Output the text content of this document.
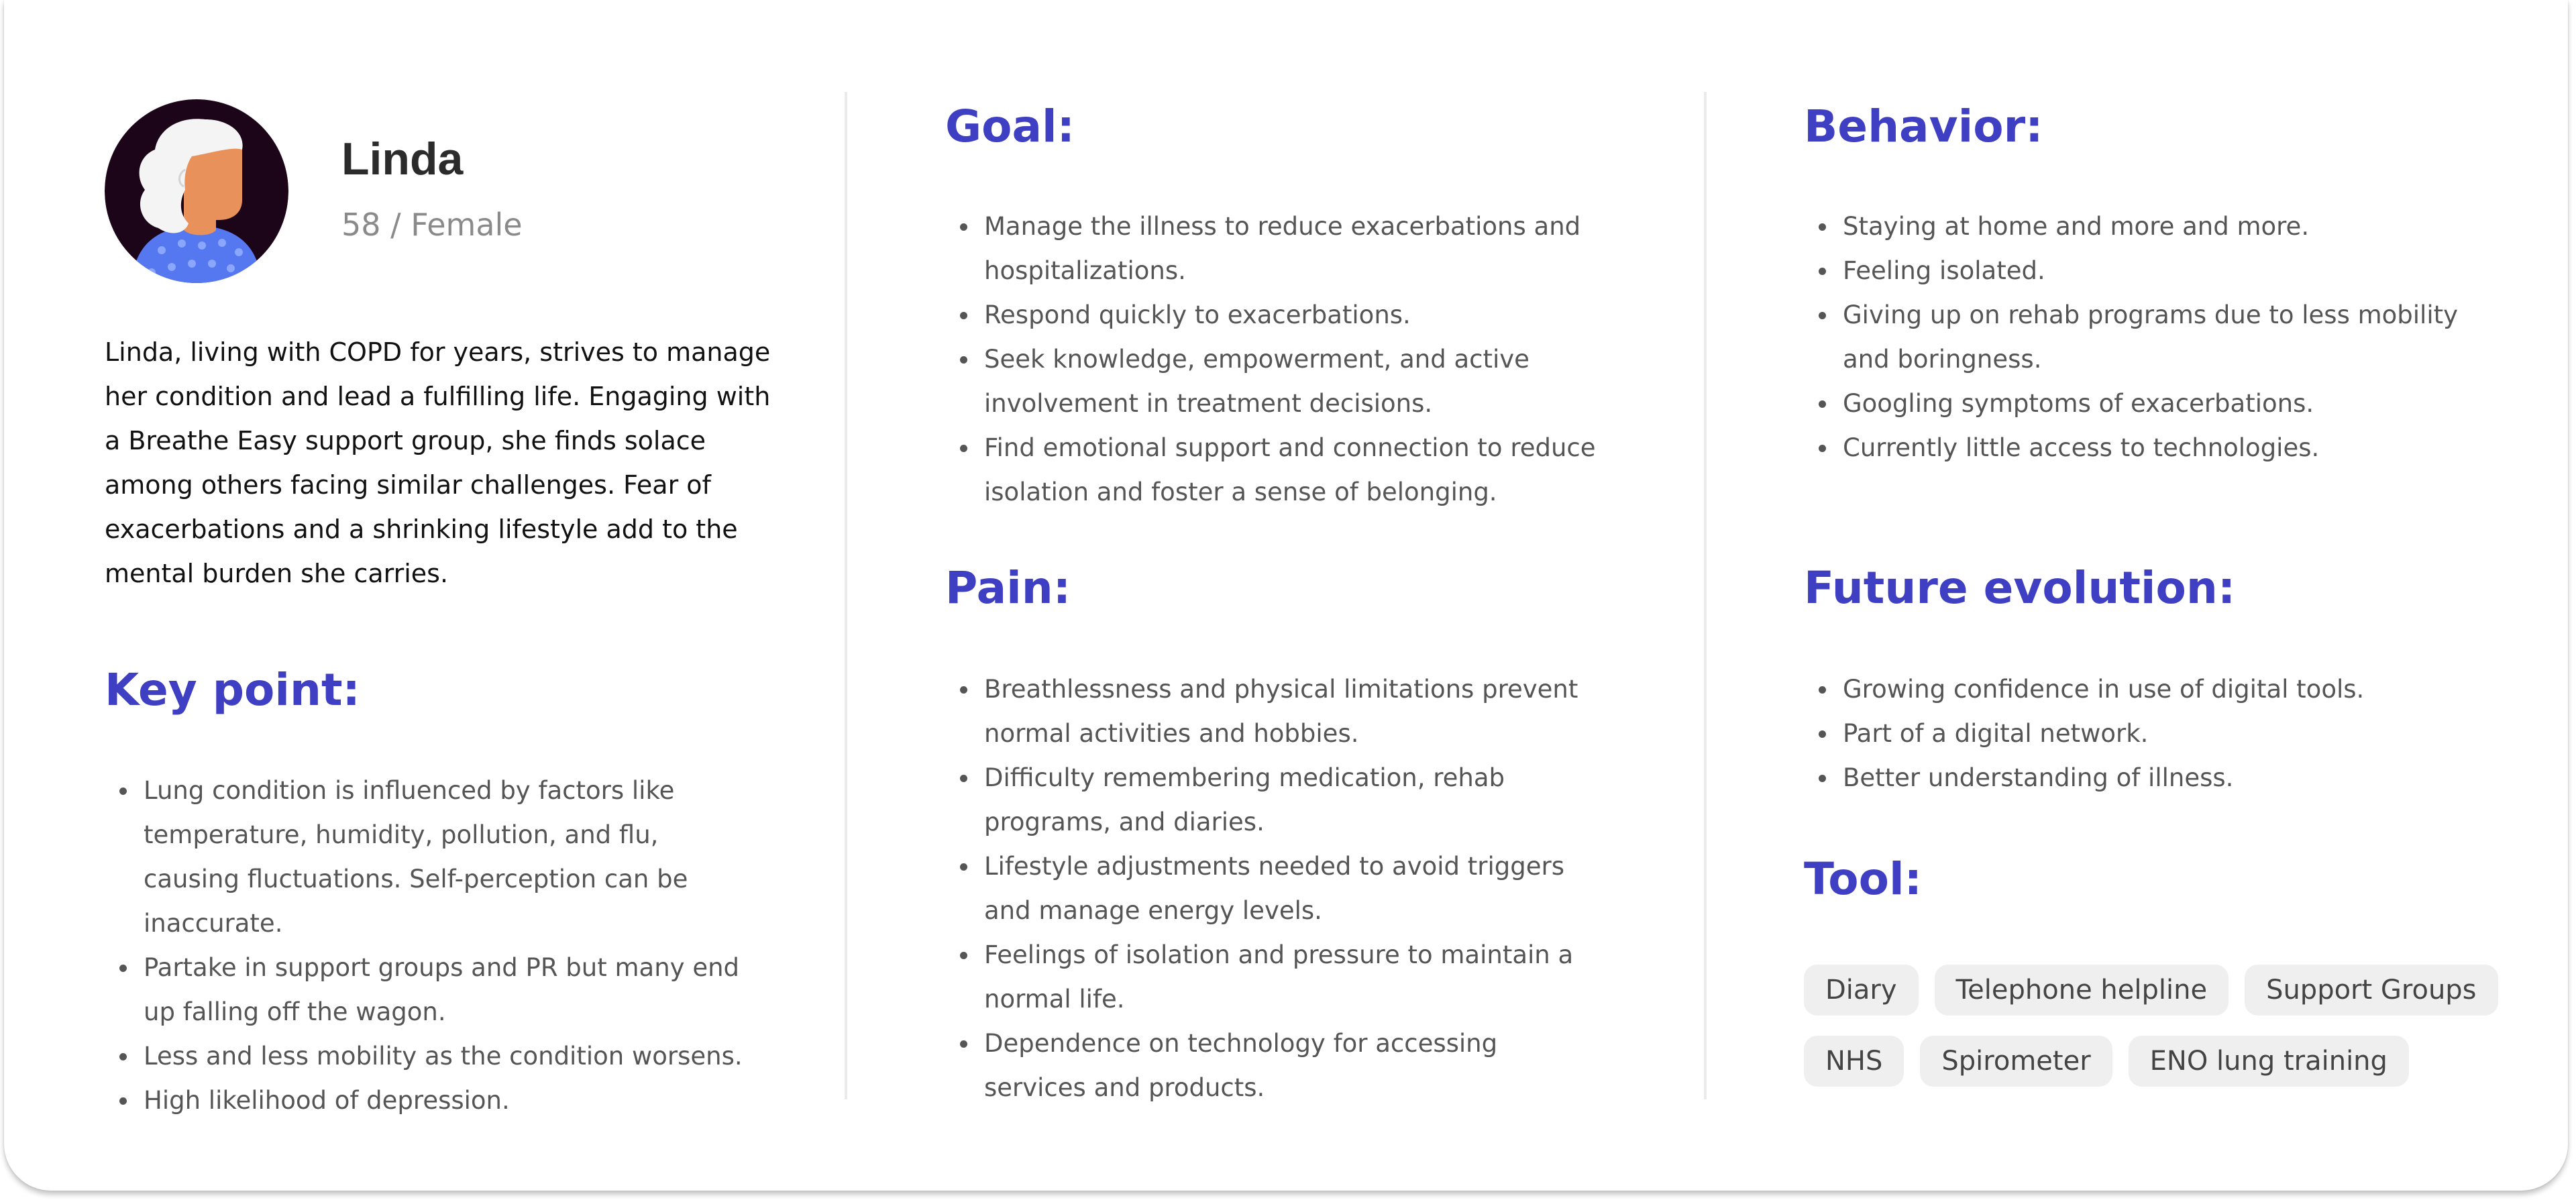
Linda
58 / Female

Linda, living with COPD for years, strives to manage her condition and lead a fulfilling life. Engaging with a Breathe Easy support group, she finds solace among others facing similar challenges. Fear of exacerbations and a shrinking lifestyle add to the mental burden she carries.

Key point:
Lung condition is influenced by factors like temperature, humidity, pollution, and flu, causing fluctuations. Self-perception can be inaccurate.
Partake in support groups and PR but many end up falling off the wagon.
Less and less mobility as the condition worsens.
High likelihood of depression.
Goal:
Manage the illness to reduce exacerbations and hospitalizations.
Respond quickly to exacerbations.
Seek knowledge, empowerment, and active involvement in treatment decisions.
Find emotional support and connection to reduce isolation and foster a sense of belonging.
Pain:
Breathlessness and physical limitations prevent normal activities and hobbies.
Difficulty remembering medication, rehab programs, and diaries.
Lifestyle adjustments needed to avoid triggers and manage energy levels.
Feelings of isolation and pressure to maintain a normal life.
Dependence on technology for accessing services and products.
Behavior:
Staying at home and more and more.
Feeling isolated.
Giving up on rehab programs due to less mobility and boringness.
Googling symptoms of exacerbations.
Currently little access to technologies.
Future evolution:
Growing confidence in use of digital tools.
Part of a digital network.
Better understanding of illness.
Tool:
Diary	Telephone helpline	Support Groups
NHS	Spirometer	ENO lung training
